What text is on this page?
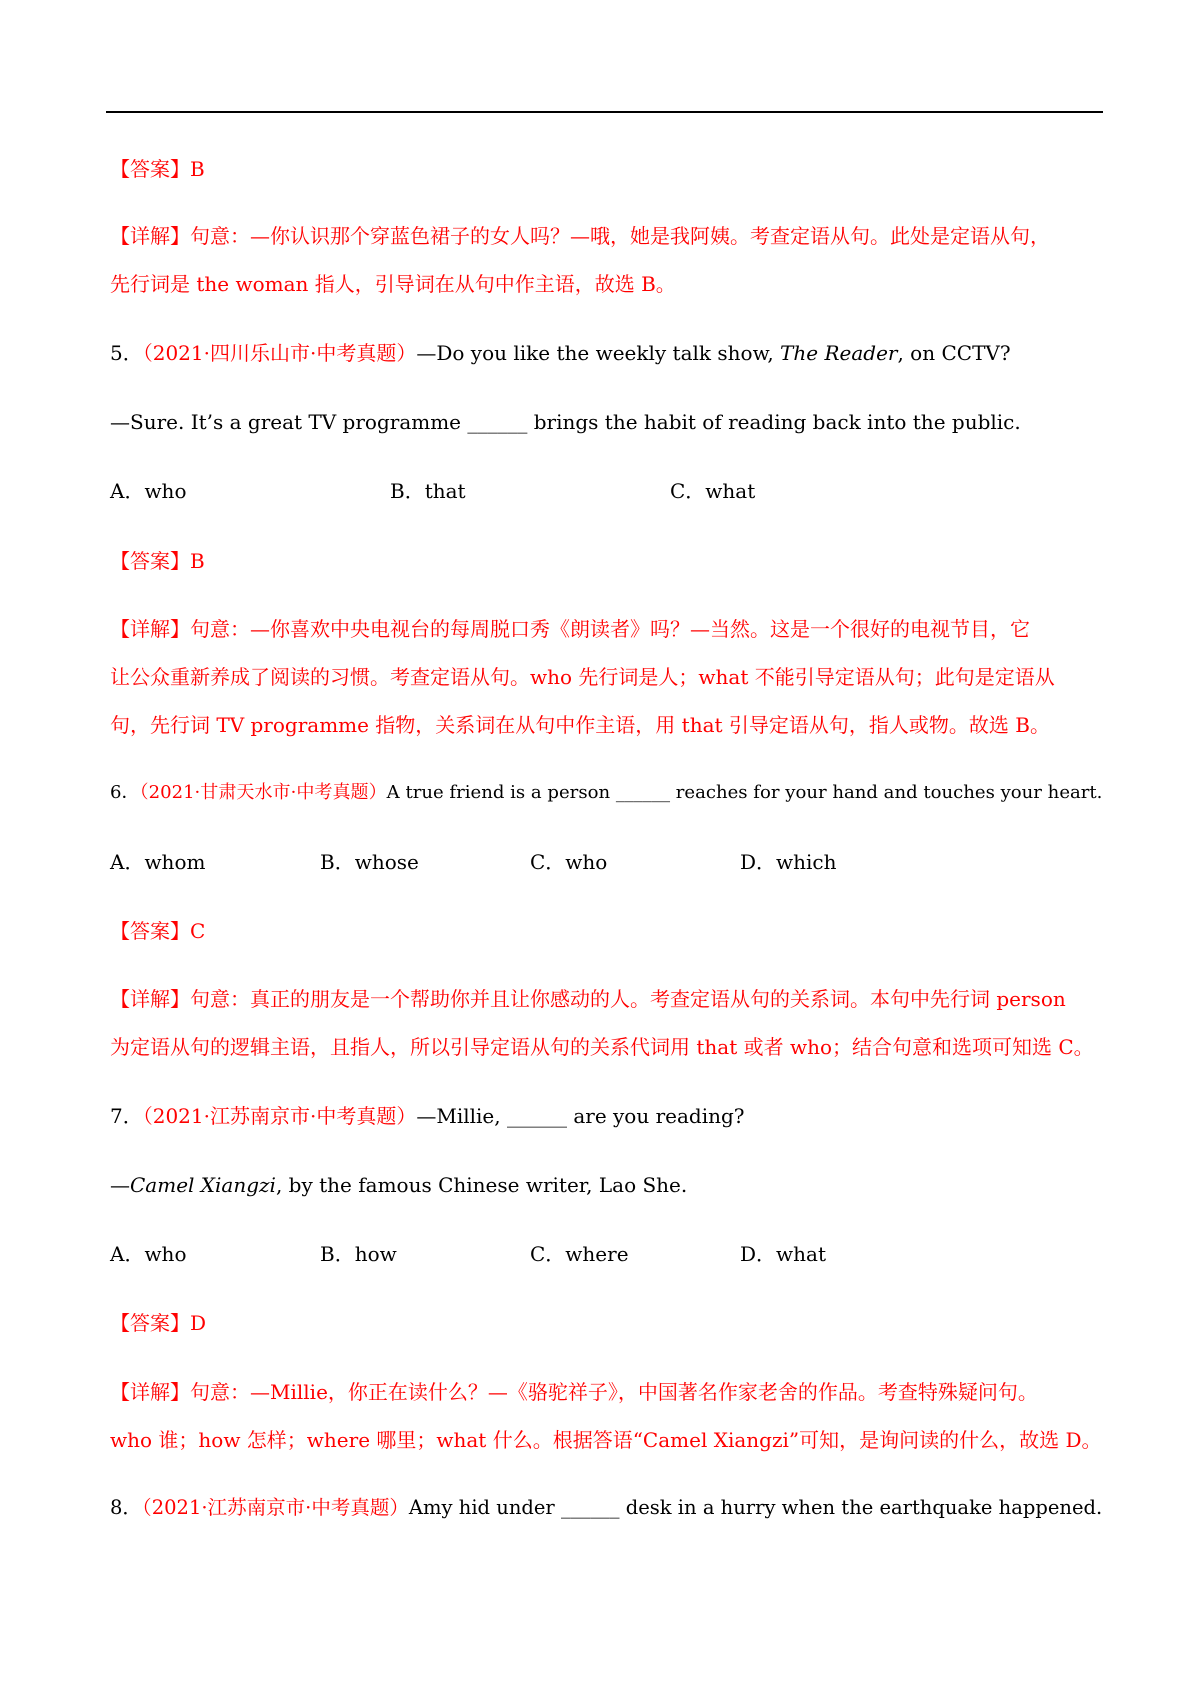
【答案】B
【详解】句意：—你认识那个穿蓝色裙子的女人吗？—哦，她是我阿姨。考查定语从句。此处是定语从句，
先行词是 the woman 指人，引导词在从句中作主语，故选 B。
5．（2021·四川乐山市·中考真题）—Do you like the weekly talk show, The Reader, on CCTV?
—Sure. It’s a great TV programme ______ brings the habit of reading back into the public.
A．who	B．that	C．what
【答案】B
【详解】句意：—你喜欢中央电视台的每周脱口秀《朗读者》吗？—当然。这是一个很好的电视节目，它
让公众重新养成了阅读的习惯。考查定语从句。who 先行词是人；what 不能引导定语从句；此句是定语从
句，先行词 TV programme 指物，关系词在从句中作主语，用 that 引导定语从句，指人或物。故选 B。
6．（2021·甘肃天水市·中考真题）A true friend is a person ______ reaches for your hand and touches your heart.
A．whom	B．whose	C．who	D．which
【答案】C
【详解】句意：真正的朋友是一个帮助你并且让你感动的人。考查定语从句的关系词。本句中先行词 person
为定语从句的逻辑主语，且指人，所以引导定语从句的关系代词用 that 或者 who；结合句意和选项可知选 C。
7．（2021·江苏南京市·中考真题）—Millie, ______ are you reading?
—Camel Xiangzi, by the famous Chinese writer, Lao She.
A．who	B．how	C．where	D．what
【答案】D
【详解】句意：—Millie，你正在读什么？—《骆驼祥子》，中国著名作家老舍的作品。考查特殊疑问句。
who 谁；how 怎样；where 哪里；what 什么。根据答语“Camel Xiangzi”可知，是询问读的什么，故选 D。
8．（2021·江苏南京市·中考真题）Amy hid under ______ desk in a hurry when the earthquake happened.
